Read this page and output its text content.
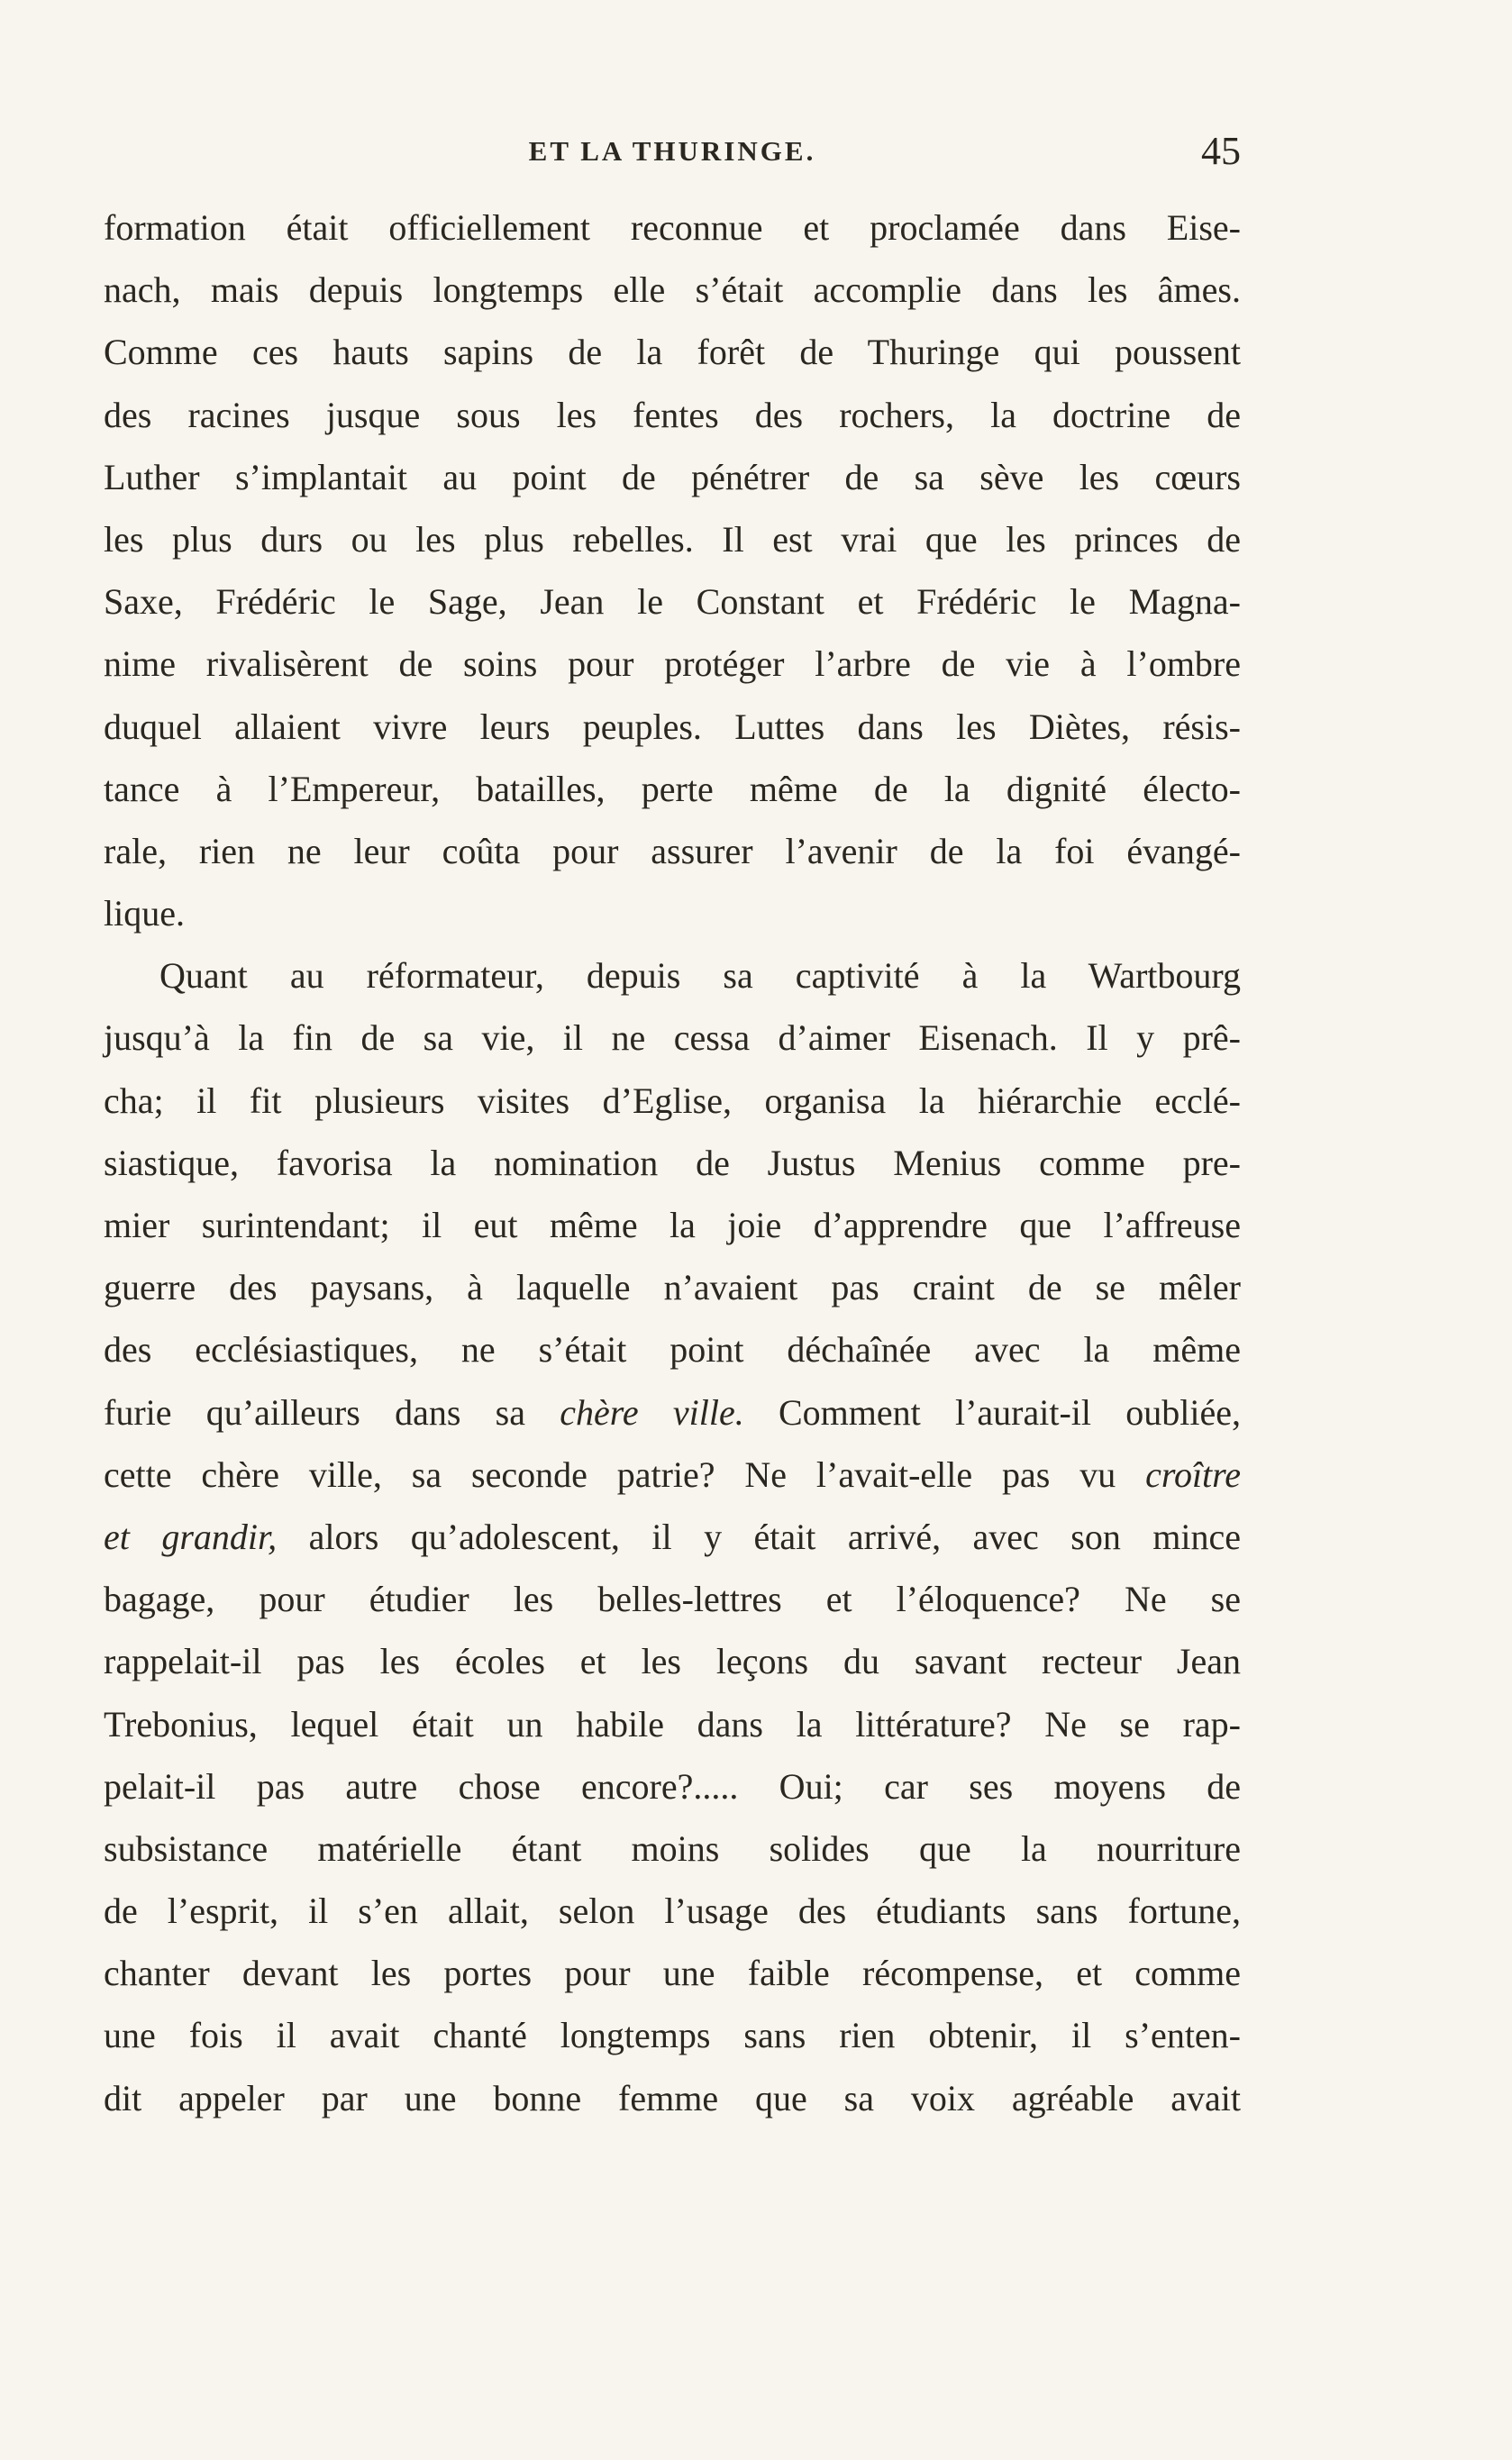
ET LA THURINGE.	45
formation était officiellement reconnue et proclamée dans Eise-
nach, mais depuis longtemps elle s’était accomplie dans les âmes.
Comme ces hauts sapins de la forêt de Thuringe qui poussent
des racines jusque sous les fentes des rochers, la doctrine de
Luther s’implantait au point de pénétrer de sa sève les cœurs
les plus durs ou les plus rebelles. Il est vrai que les princes de
Saxe, Frédéric le Sage, Jean le Constant et Frédéric le Magna-
nime rivalisèrent de soins pour protéger l’arbre de vie à l’ombre
duquel allaient vivre leurs peuples. Luttes dans les Diètes, résis-
tance à l’Empereur, batailles, perte même de la dignité électo-
rale, rien ne leur coûta pour assurer l’avenir de la foi évangé-
lique.
Quant au réformateur, depuis sa captivité à la Wartbourg
jusqu’à la fin de sa vie, il ne cessa d’aimer Eisenach. Il y prê-
cha; il fit plusieurs visites d’Eglise, organisa la hiérarchie ecclé-
siastique, favorisa la nomination de Justus Menius comme pre-
mier surintendant; il eut même la joie d’apprendre que l’affreuse
guerre des paysans, à laquelle n’avaient pas craint de se mêler
des ecclésiastiques, ne s’était point déchaînée avec la même
furie qu’ailleurs dans sa chère ville. Comment l’aurait-il oubliée,
cette chère ville, sa seconde patrie? Ne l’avait-elle pas vu croître
et grandir, alors qu’adolescent, il y était arrivé, avec son mince
bagage, pour étudier les belles-lettres et l’éloquence? Ne se
rappelait-il pas les écoles et les leçons du savant recteur Jean
Trebonius, lequel était un habile dans la littérature? Ne se rap-
pelait-il pas autre chose encore?..... Oui; car ses moyens de
subsistance matérielle étant moins solides que la nourriture
de l’esprit, il s’en allait, selon l’usage des étudiants sans fortune,
chanter devant les portes pour une faible récompense, et comme
une fois il avait chanté longtemps sans rien obtenir, il s’enten-
dit appeler par une bonne femme que sa voix agréable avait
